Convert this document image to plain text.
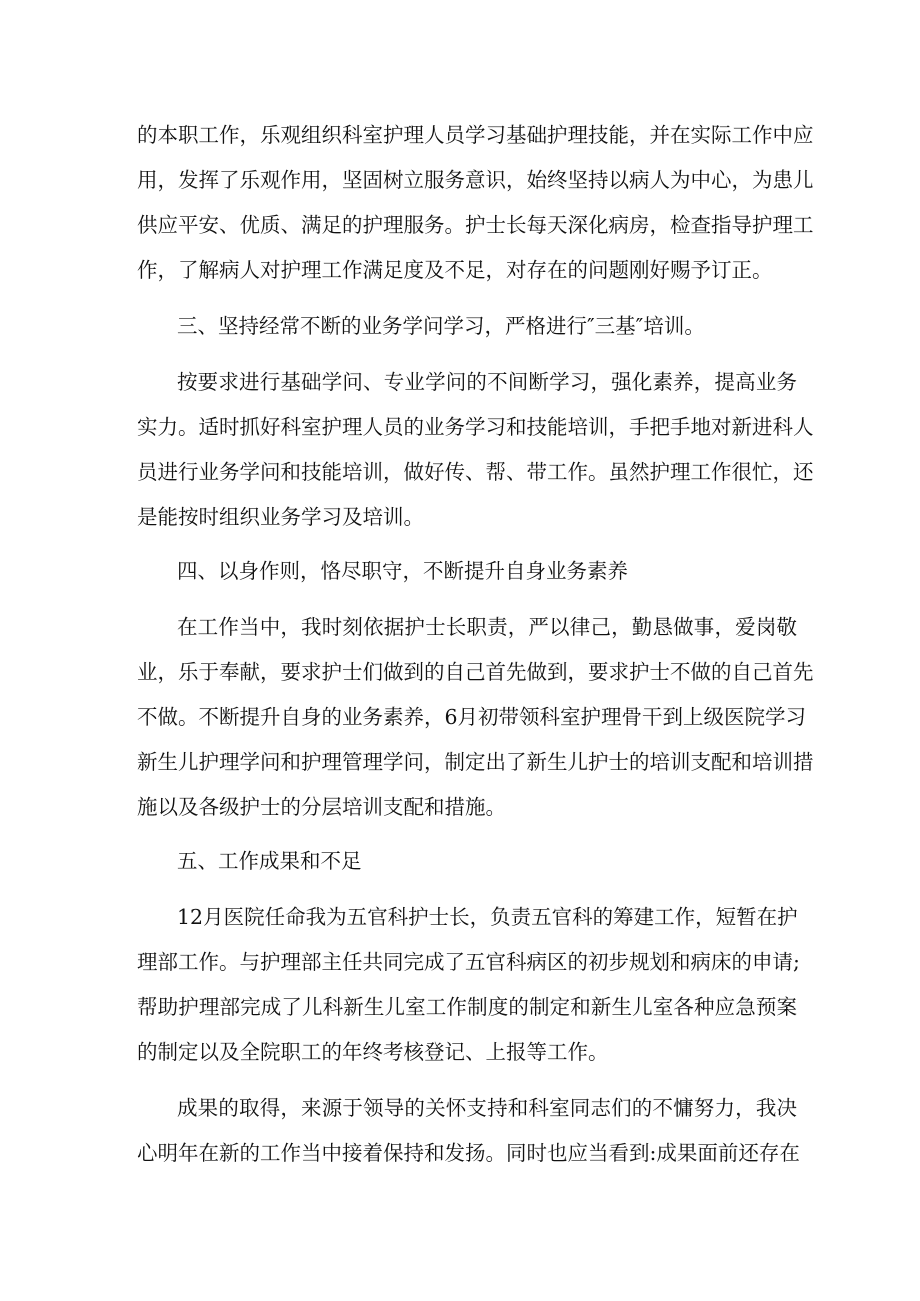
的本职工作，乐观组织科室护理人员学习基础护理技能，并在实际工作中应
用，发挥了乐观作用，坚固树立服务意识，始终坚持以病人为中心，为患儿
供应平安、优质、满足的护理服务。护士长每天深化病房，检查指导护理工
作，了解病人对护理工作满足度及不足，对存在的问题刚好赐予订正。
三、坚持经常不断的业务学问学习，严格进行″三基″培训。
按要求进行基础学问、专业学问的不间断学习，强化素养，提高业务
实力。适时抓好科室护理人员的业务学习和技能培训，手把手地对新进科人
员进行业务学问和技能培训，做好传、帮、带工作。虽然护理工作很忙，还
是能按时组织业务学习及培训。
四、以身作则，恪尽职守，不断提升自身业务素养
在工作当中，我时刻依据护士长职责，严以律己，勤恳做事，爱岗敬
业，乐于奉献，要求护士们做到的自己首先做到，要求护士不做的自己首先
不做。不断提升自身的业务素养，6月初带领科室护理骨干到上级医院学习
新生儿护理学问和护理管理学问，制定出了新生儿护士的培训支配和培训措
施以及各级护士的分层培训支配和措施。
五、工作成果和不足
12月医院任命我为五官科护士长，负责五官科的筹建工作，短暂在护
理部工作。与护理部主任共同完成了五官科病区的初步规划和病床的申请;
帮助护理部完成了儿科新生儿室工作制度的制定和新生儿室各种应急预案
的制定以及全院职工的年终考核登记、上报等工作。
成果的取得，来源于领导的关怀支持和科室同志们的不慵努力，我决
心明年在新的工作当中接着保持和发扬。同时也应当看到:成果面前还存在
